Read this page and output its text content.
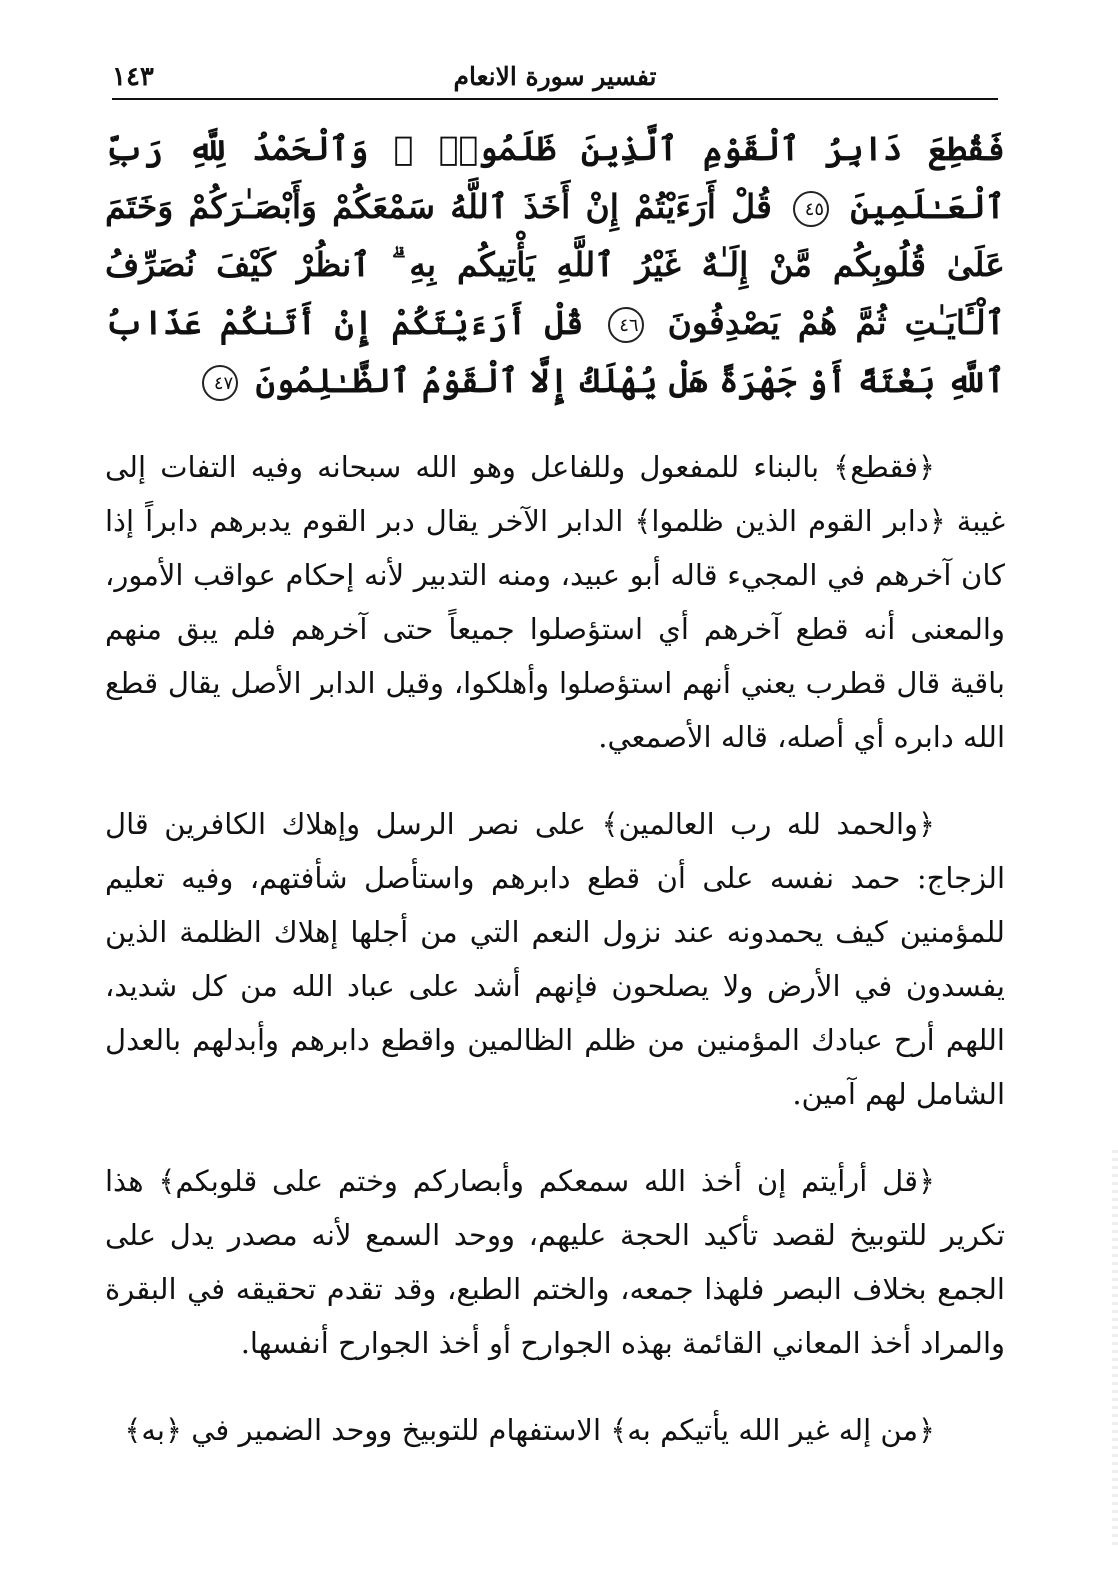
تفسير سورة الانعام
١٤٣

فَقُطِعَ دَابِرُ ٱلْقَوْمِ ٱلَّذِينَ ظَلَمُوا۟ ۚ وَٱلْحَمْدُ لِلَّهِ رَبِّ ٱلْعَـٰلَمِينَ ٤٥ قُلْ أَرَءَيْتُمْ إِنْ أَخَذَ ٱللَّهُ سَمْعَكُمْ وَأَبْصَـٰرَكُمْ وَخَتَمَ عَلَىٰ قُلُوبِكُم مَّنْ إِلَـٰهٌ غَيْرُ ٱللَّهِ يَأْتِيكُم بِهِ ۗ ٱنظُرْ كَيْفَ نُصَرِّفُ ٱلْـَٔايَـٰتِ ثُمَّ هُمْ يَصْدِفُونَ ٤٦ قُلْ أَرَءَيْتَكُمْ إِنْ أَتَىٰكُمْ عَذَابُ ٱللَّهِ بَغْتَةً أَوْ جَهْرَةً هَلْ يُهْلَكُ إِلَّا ٱلْقَوْمُ ٱلظَّـٰلِمُونَ ٤٧

﴿فقطع﴾ بالبناء للمفعول وللفاعل وهو الله سبحانه وفيه التفات إلى غيبة ﴿دابر القوم الذين ظلموا﴾ الدابر الآخر يقال دبر القوم يدبرهم دابراً إذا كان آخرهم في المجيء قاله أبو عبيد، ومنه التدبير لأنه إحكام عواقب الأمور، والمعنى أنه قطع آخرهم أي استؤصلوا جميعاً حتى آخرهم فلم يبق منهم باقية قال قطرب يعني أنهم استؤصلوا وأهلكوا، وقيل الدابر الأصل يقال قطع الله دابره أي أصله، قاله الأصمعي.

﴿والحمد لله رب العالمين﴾ على نصر الرسل وإهلاك الكافرين قال الزجاج: حمد نفسه على أن قطع دابرهم واستأصل شأفتهم، وفيه تعليم للمؤمنين كيف يحمدونه عند نزول النعم التي من أجلها إهلاك الظلمة الذين يفسدون في الأرض ولا يصلحون فإنهم أشد على عباد الله من كل شديد، اللهم أرح عبادك المؤمنين من ظلم الظالمين واقطع دابرهم وأبدلهم بالعدل الشامل لهم آمين.

﴿قل أرأيتم إن أخذ الله سمعكم وأبصاركم وختم على قلوبكم﴾ هذا تكرير للتوبيخ لقصد تأكيد الحجة عليهم، ووحد السمع لأنه مصدر يدل على الجمع بخلاف البصر فلهذا جمعه، والختم الطبع، وقد تقدم تحقيقه في البقرة والمراد أخذ المعاني القائمة بهذه الجوارح أو أخذ الجوارح أنفسها.

﴿من إله غير الله يأتيكم به﴾ الاستفهام للتوبيخ ووحد الضمير في ﴿به﴾
